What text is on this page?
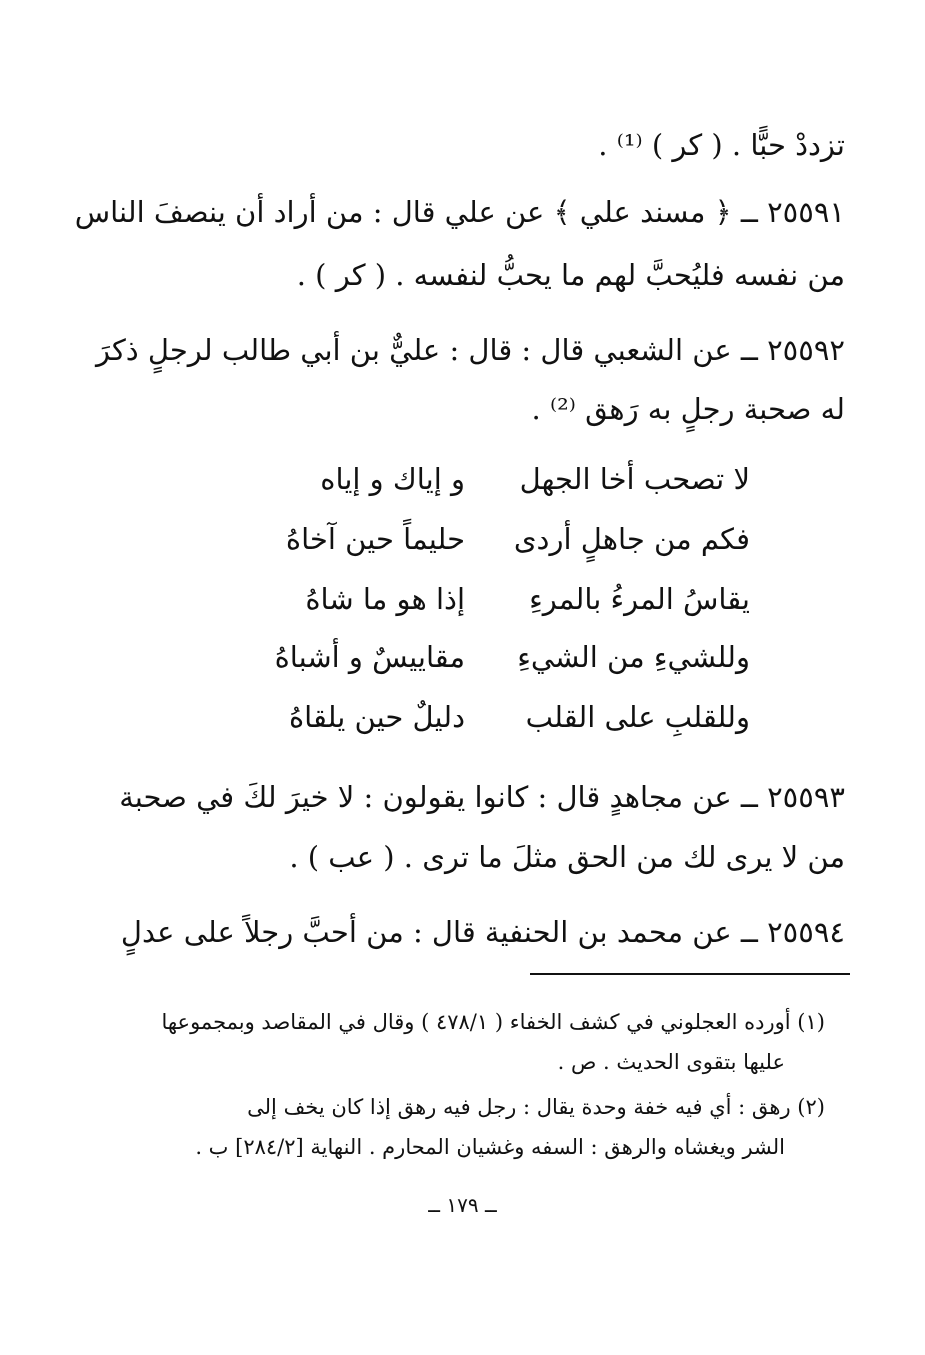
تزددْ حبًّا . ( كر ) ⁽¹⁾ .
٢٥٥٩١ ــ ﴿ مسند علي ﴾ عن علي قال : من أراد أن ينصفَ الناس
من نفسه فليُحبَّ لهم ما يحبُّ لنفسه . ( كر ) .
٢٥٥٩٢ ــ عن الشعبي قال : قال : عليٌّ بن أبي طالب لرجلٍ ذكرَ
له صحبة رجلٍ به رَهق ⁽²⁾ .
لا تصحب أخا الجهل
و إياك و إياه
فكم من جاهلٍ أردى
حليماً حين آخاهُ
يقاسُ المرءُ بالمرءِ
إذا هو ما شاهُ
وللشيءِ من الشيءِ
مقاييسٌ و أشباهُ
وللقلبِ على القلب
دليلٌ حين يلقاهُ
٢٥٥٩٣ ــ عن مجاهدٍ قال : كانوا يقولون : لا خيرَ لكَ في صحبة
من لا يرى لك من الحق مثلَ ما ترى . ( عب ) .
٢٥٥٩٤ ــ عن محمد بن الحنفية قال : من أحبَّ رجلاً على عدلٍ
(١) أورده العجلوني في كشف الخفاء ( ٤٧٨/١ ) وقال في المقاصد وبمجموعها
عليها بتقوى الحديث . ص .
(٢) رهق : أي فيه خفة وحدة يقال : رجل فيه رهق إذا كان يخف إلى
الشر ويغشاه والرهق : السفه وغشيان المحارم . النهاية [٢٨٤/٢] ب .
ــ ١٧٩ ــ
